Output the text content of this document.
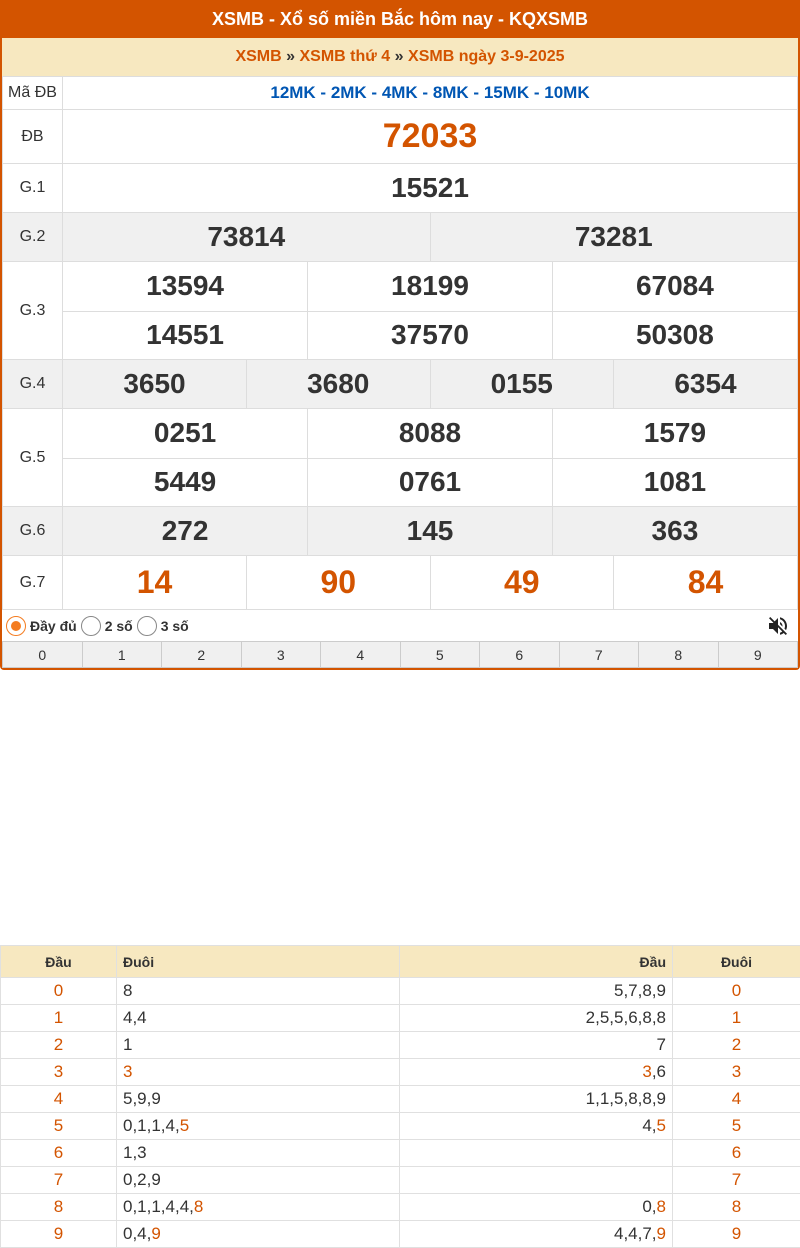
XSMB - Xổ số miền Bắc hôm nay - KQXSMB
XSMB » XSMB thứ 4 » XSMB ngày 3-9-2025
Mã ĐB	12MK - 2MK - 4MK - 8MK - 15MK - 10MK
ĐB	72033
G.1	15521
G.2		73814	73281

G.3	
13594	18199	67084
14551	37570	50308

G.4		3650	3680	0155	6354

G.5	
0251	8088	1579
5449	0761	1081

G.6		272	145	363

G.7		14	90	49	84
Đầy đủ 2 số 3 số
0	1	2	3	4	5	6	7	8	9
Đầu	Đuôi	Đầu	Đuôi
0	8	5,7,8,9	0
1	4,4	2,5,5,6,8,8	1
2	1	7	2
3	3	3,6	3
4	5,9,9	1,1,5,8,8,9	4
5	0,1,1,4,5	4,5	5
6	1,3		6
7	0,2,9		7
8	0,1,1,4,4,8	0,8	8
9	0,4,9	4,4,7,9	9
